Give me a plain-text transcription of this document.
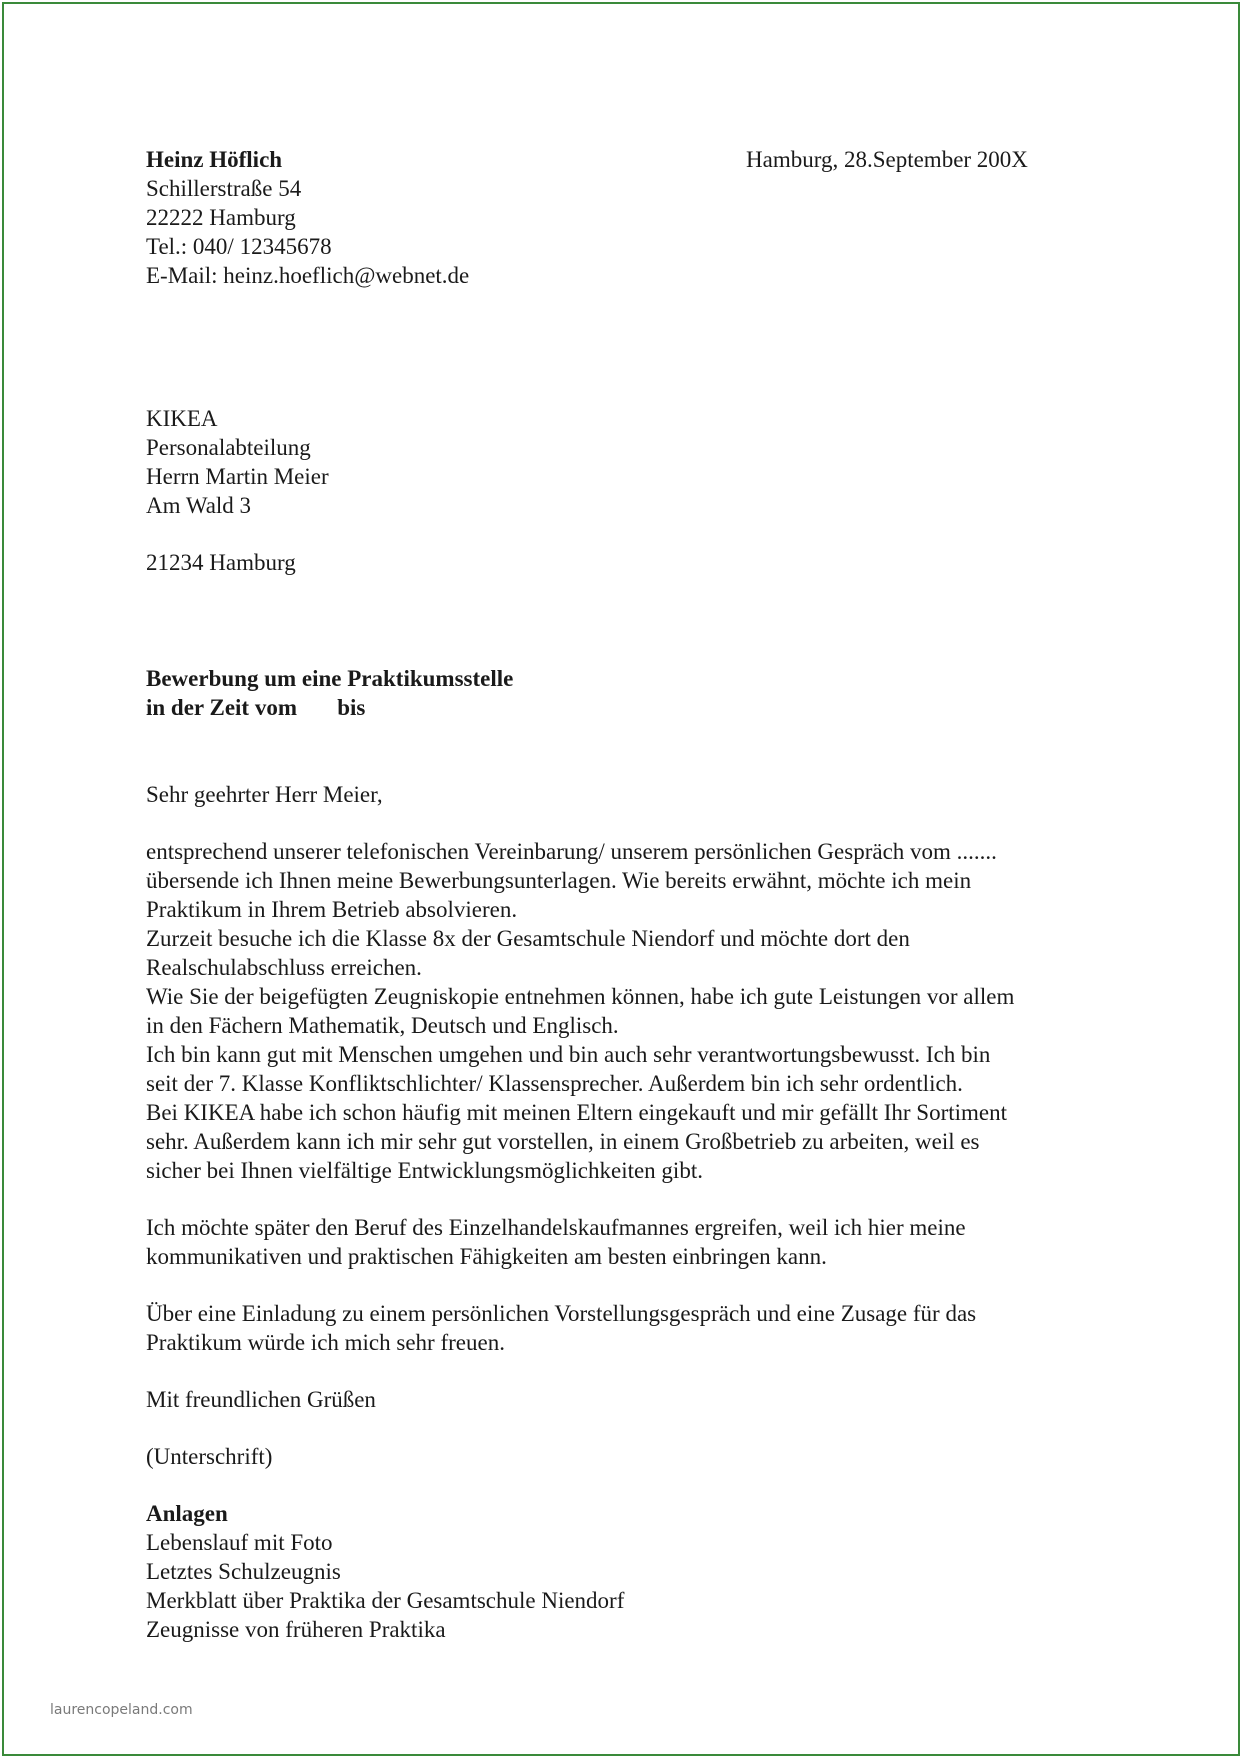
Heinz Höflich
Schillerstraße 54
22222 Hamburg
Tel.: 040/ 12345678
E-Mail: heinz.hoeflich@webnet.de
Hamburg, 28.September 200X
KIKEA
Personalabteilung
Herrn Martin Meier
Am Wald 3
21234 Hamburg
Bewerbung um eine Praktikumsstelle
in der Zeit vom       bis
Sehr geehrter Herr Meier,
entsprechend unserer telefonischen Vereinbarung/ unserem persönlichen Gespräch vom .......
übersende ich Ihnen meine Bewerbungsunterlagen. Wie bereits erwähnt, möchte ich mein
Praktikum in Ihrem Betrieb absolvieren.
Zurzeit besuche ich die Klasse 8x der Gesamtschule Niendorf und möchte dort den
Realschulabschluss erreichen.
Wie Sie der beigefügten Zeugniskopie entnehmen können, habe ich gute Leistungen vor allem
in den Fächern Mathematik, Deutsch und Englisch.
Ich bin kann gut mit Menschen umgehen und bin auch sehr verantwortungsbewusst. Ich bin
seit der 7. Klasse Konfliktschlichter/ Klassensprecher. Außerdem bin ich sehr ordentlich.
Bei KIKEA habe ich schon häufig mit meinen Eltern eingekauft und mir gefällt Ihr Sortiment
sehr. Außerdem kann ich mir sehr gut vorstellen, in einem Großbetrieb zu arbeiten, weil es
sicher bei Ihnen vielfältige Entwicklungsmöglichkeiten gibt.
Ich möchte später den Beruf des Einzelhandelskaufmannes ergreifen, weil ich hier meine
kommunikativen und praktischen Fähigkeiten am besten einbringen kann.
Über eine Einladung zu einem persönlichen Vorstellungsgespräch und eine Zusage für das
Praktikum würde ich mich sehr freuen.
Mit freundlichen Grüßen
(Unterschrift)
Anlagen
Lebenslauf mit Foto
Letztes Schulzeugnis
Merkblatt über Praktika der Gesamtschule Niendorf
Zeugnisse von früheren Praktika
laurencopeland.com
